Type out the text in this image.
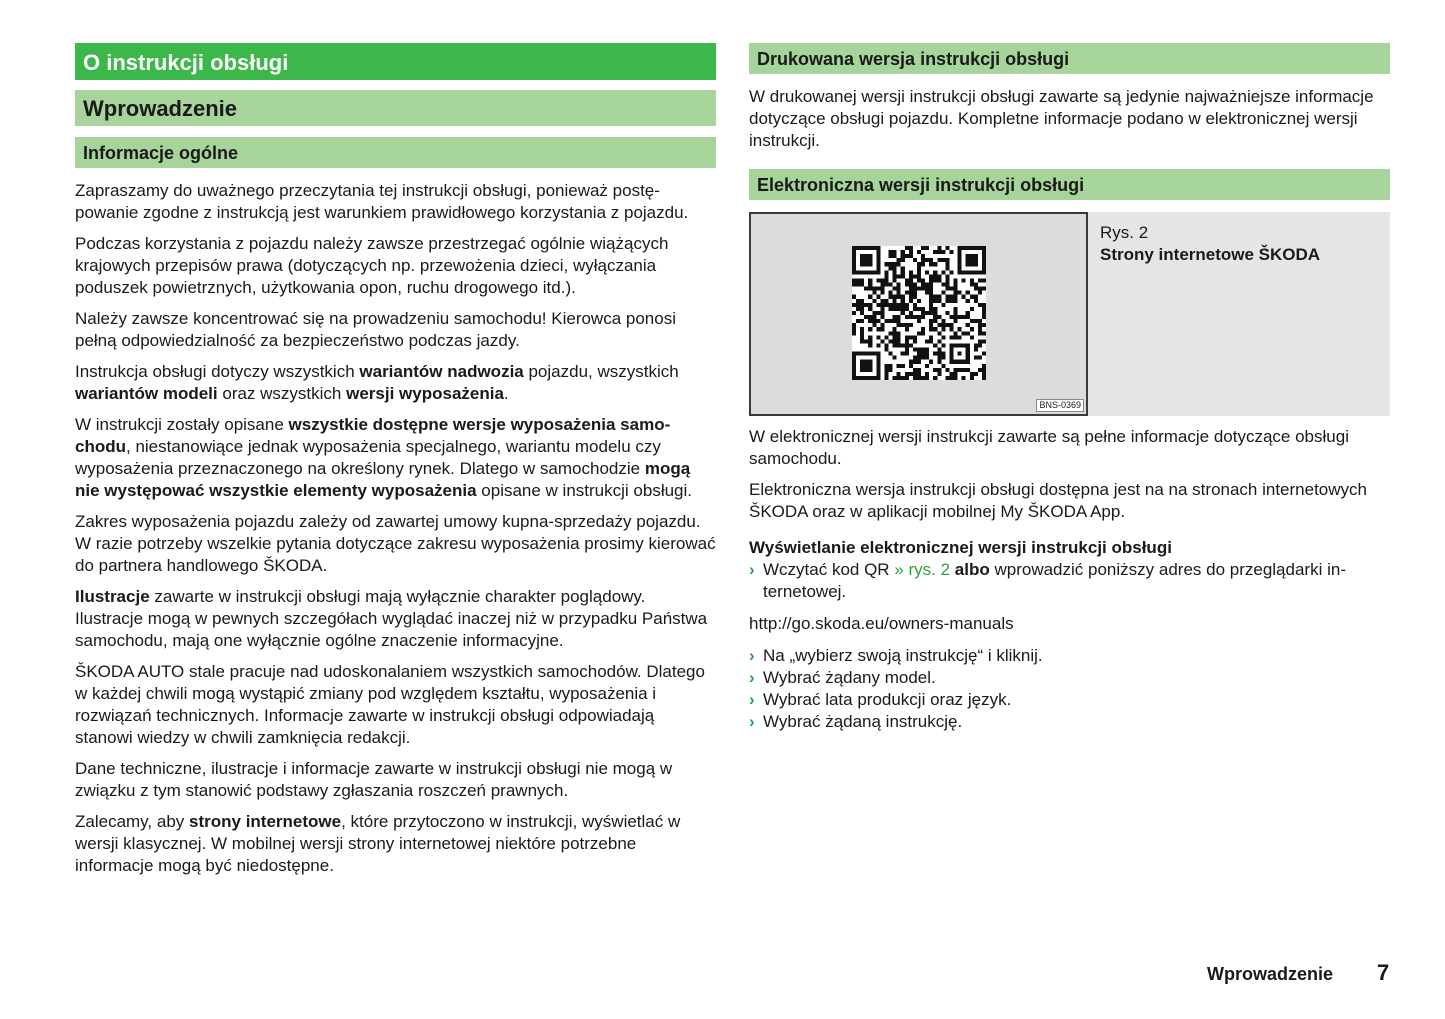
O instrukcji obsługi
Wprowadzenie
Informacje ogólne

Zapraszamy do uważnego przeczytania tej instrukcji obsługi, ponieważ postępowanie zgodne z instrukcją jest warunkiem prawidłowego korzystania z pojazdu.

Podczas korzystania z pojazdu należy zawsze przestrzegać ogólnie wiążących krajowych przepisów prawa (dotyczących np. przewożenia dzieci, wyłączania poduszek powietrznych, użytkowania opon, ruchu drogowego itd.).

Należy zawsze koncentrować się na prowadzeniu samochodu! Kierowca ponosi pełną odpowiedzialność za bezpieczeństwo podczas jazdy.

Instrukcja obsługi dotyczy wszystkich wariantów nadwozia pojazdu, wszystkich wariantów modeli oraz wszystkich wersji wyposażenia.

W instrukcji zostały opisane wszystkie dostępne wersje wyposażenia samochodu, niestanowiące jednak wyposażenia specjalnego, wariantu modelu czy wyposażenia przeznaczonego na określony rynek. Dlatego w samochodzie mogą nie występować wszystkie elementy wyposażenia opisane w instrukcji obsługi.

Zakres wyposażenia pojazdu zależy od zawartej umowy kupna-sprzedaży pojazdu. W razie potrzeby wszelkie pytania dotyczące zakresu wyposażenia prosimy kierować do partnera handlowego ŠKODA.

Ilustracje zawarte w instrukcji obsługi mają wyłącznie charakter poglądowy. Ilustracje mogą w pewnych szczegółach wyglądać inaczej niż w przypadku Państwa samochodu, mają one wyłącznie ogólne znaczenie informacyjne.

ŠKODA AUTO stale pracuje nad udoskonalaniem wszystkich samochodów. Dlatego w każdej chwili mogą wystąpić zmiany pod względem kształtu, wyposażenia i rozwiązań technicznych. Informacje zawarte w instrukcji obsługi odpowiadają stanowi wiedzy w chwili zamknięcia redakcji.

Dane techniczne, ilustracje i informacje zawarte w instrukcji obsługi nie mogą w związku z tym stanowić podstawy zgłaszania roszczeń prawnych.

Zalecamy, aby strony internetowe, które przytoczono w instrukcji, wyświetlać w wersji klasycznej. W mobilnej wersji strony internetowej niektóre potrzebne informacje mogą być niedostępne.

Drukowana wersja instrukcji obsługi

W drukowanej wersji instrukcji obsługi zawarte są jedynie najważniejsze informacje dotyczące obsługi pojazdu. Kompletne informacje podano w elektronicznej wersji instrukcji.

Elektroniczna wersji instrukcji obsługi
BNS-0369
Rys. 2
Strony internetowe ŠKODA

W elektronicznej wersji instrukcji zawarte są pełne informacje dotyczące obsługi samochodu.

Elektroniczna wersja instrukcji obsługi dostępna jest na na stronach internetowych ŠKODA oraz w aplikacji mobilnej My ŠKODA App.

Wyświetlanie elektronicznej wersji instrukcji obsługi

› Wczytać kod QR » rys. 2 albo wprowadzić poniższy adres do przeglądarki internetowej.

http://go.skoda.eu/owners-manuals

› Na „wybierz swoją instrukcję“ i kliknij.

› Wybrać żądany model.

› Wybrać lata produkcji oraz język.

› Wybrać żądaną instrukcję.

Wprowadzenie 7
